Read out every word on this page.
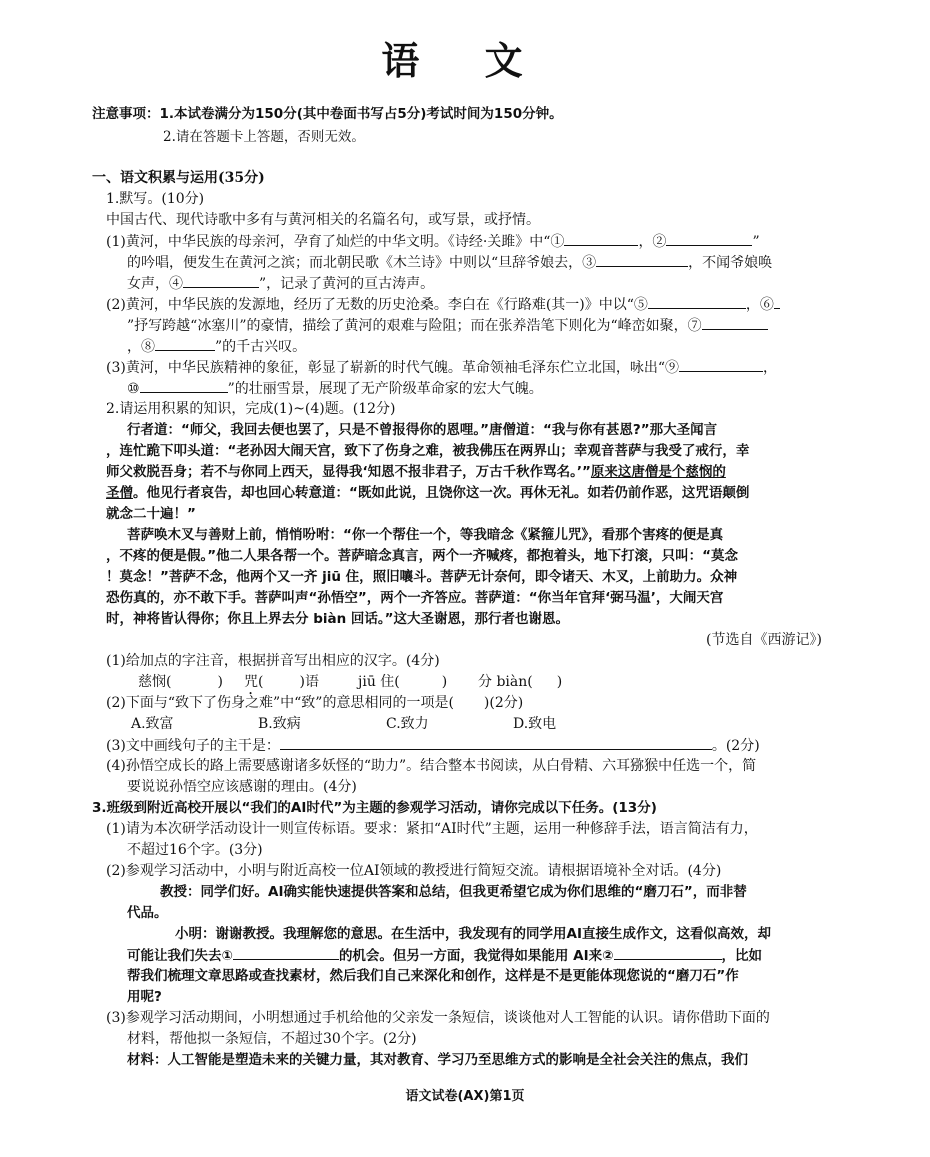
语 文
注意事项：1.本试卷满分为150分(其中卷面书写占5分)考试时间为150分钟。
2.请在答题卡上答题，否则无效。
一、语文积累与运用(35分)
1.默写。(10分)
中国古代、现代诗歌中多有与黄河相关的名篇名句，或写景，或抒情。
(1)黄河，中华民族的母亲河，孕育了灿烂的中华文明。《诗经·关雎》中“①	，②	”
的吟唱，便发生在黄河之滨；而北朝民歌《木兰诗》中则以“旦辞爷娘去，③	，不闻爷娘唤
女声，④	”，记录了黄河的亘古涛声。
(2)黄河，中华民族的发源地，经历了无数的历史沧桑。李白在《行路难(其一)》中以“⑤	，⑥
”抒写跨越“冰塞川”的豪情，描绘了黄河的艰难与险阻；而在张养浩笔下则化为“峰峦如聚，⑦
，⑧	”的千古兴叹。
(3)黄河，中华民族精神的象征，彰显了崭新的时代气魄。革命领袖毛泽东伫立北国，咏出“⑨	，
⑩	”的壮丽雪景，展现了无产阶级革命家的宏大气魄。
2.请运用积累的知识，完成(1)~(4)题。(12分)
行者道：“师父，我回去便也罢了，只是不曾报得你的恩哩。”唐僧道：“我与你有甚恩?”那大圣闻言
，连忙跪下叩头道：“老孙因大闹天宫，致下了伤身之难，被我佛压在两界山；幸观音菩萨与我受了戒行，幸
师父救脱吾身；若不与你同上西天，显得我‘知恩不报非君子，万古千秋作骂名。’”原来这唐僧是个慈悯的
圣僧。他见行者哀告，却也回心转意道：“既如此说，且饶你这一次。再休无礼。如若仍前作恶，这咒语颠倒
就念二十遍！”
菩萨唤木叉与善财上前，悄悄吩咐：“你一个帮住一个，等我暗念《紧箍儿咒》，看那个害疼的便是真
，不疼的便是假。”他二人果各帮一个。菩萨暗念真言，两个一齐喊疼，都抱着头，地下打滚，只叫：“莫念
！莫念！”菩萨不念，他两个又一齐 jiū 住，照旧嚷斗。菩萨无计奈何，即令诸天、木叉，上前助力。众神
恐伤真的，亦不敢下手。菩萨叫声“孙悟空”，两个一齐答应。菩萨道：“你当年官拜‘弼马温’，大闹天宫
时，神将皆认得你；你且上界去分 biàn 回话。”这大圣谢恩，那行者也谢恩。
(节选自《西游记》)
(1)给加点的字注音，根据拼音写出相应的汉字。(4分)
慈悯(	) 咒(	)语	jiū 住(	) 分 biàn( )
(2)下面与“致下了伤身之难”中“致”的意思相同的一项是( )(2分)
A.致富	B.致病	C.致力	D.致电
(3)文中画线句子的主干是：	。(2分)
(4)孙悟空成长的路上需要感谢诸多妖怪的“助力”。结合整本书阅读，从白骨精、六耳猕猴中任选一个，简
要说说孙悟空应该感谢的理由。(4分)
3.班级到附近高校开展以“我们的AI时代”为主题的参观学习活动，请你完成以下任务。(13分)
(1)请为本次研学活动设计一则宣传标语。要求：紧扣“AI时代”主题，运用一种修辞手法，语言简洁有力，
不超过16个字。(3分)
(2)参观学习活动中，小明与附近高校一位AI领域的教授进行简短交流。请根据语境补全对话。(4分)
教授：同学们好。AI确实能快速提供答案和总结，但我更希望它成为你们思维的“磨刀石”，而非替
代品。
小明：谢谢教授。我理解您的意思。在生活中，我发现有的同学用AI直接生成作文，这看似高效，却
可能让我们失去①	的机会。但另一方面，我觉得如果能用 AI来②	，比如
帮我们梳理文章思路或查找素材，然后我们自己来深化和创作，这样是不是更能体现您说的“磨刀石”作
用呢?
(3)参观学习活动期间，小明想通过手机给他的父亲发一条短信，谈谈他对人工智能的认识。请你借助下面的
材料，帮他拟一条短信，不超过30个字。(2分)
材料：人工智能是塑造未来的关键力量，其对教育、学习乃至思维方式的影响是全社会关注的焦点，我们
语文试卷(AX)第1页
